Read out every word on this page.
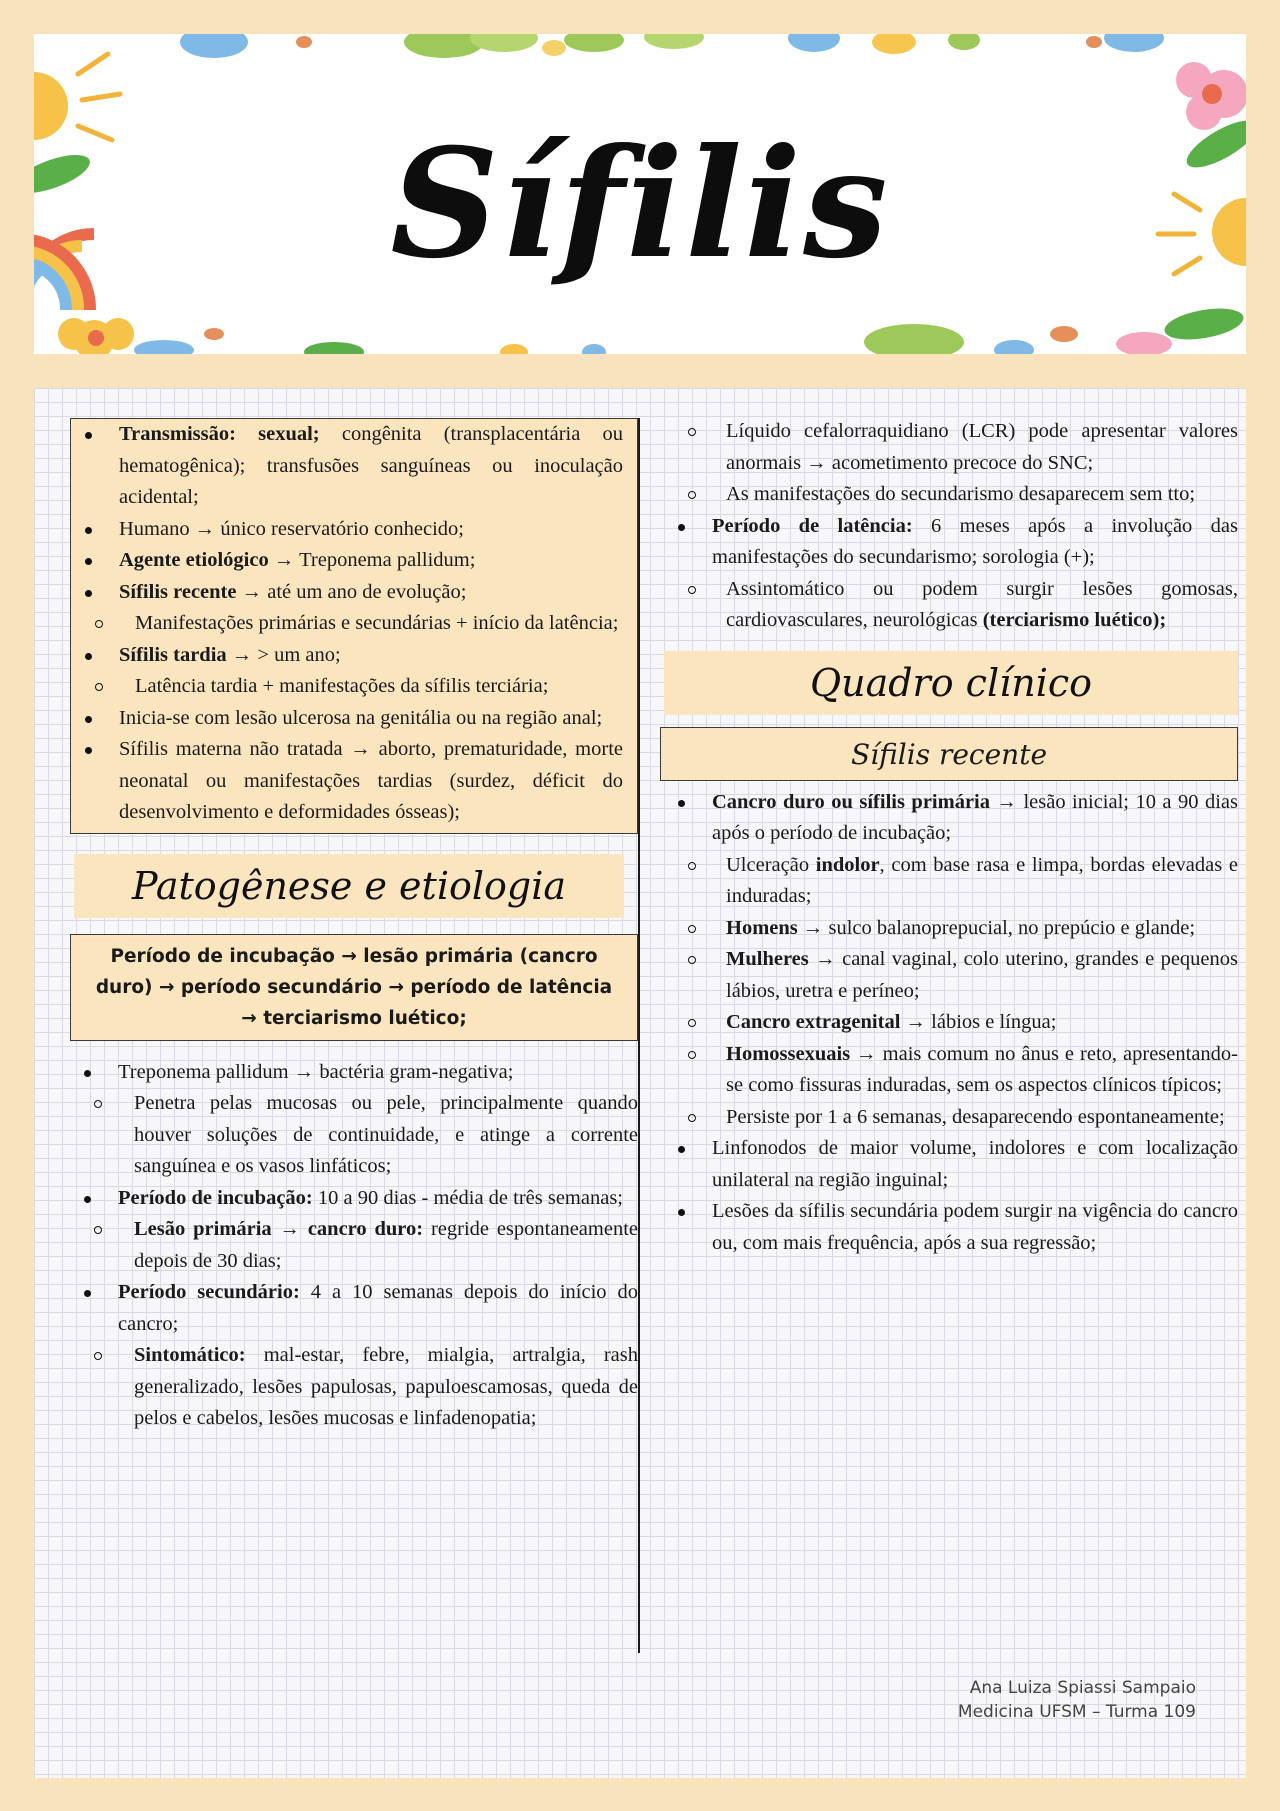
Sífilis
Transmissão: sexual; congênita (transplacentária ou hematogênica); transfusões sanguíneas ou inoculação acidental;
Humano → único reservatório conhecido;
Agente etiológico → Treponema pallidum;
Sífilis recente → até um ano de evolução;
Manifestações primárias e secundárias + início da latência;
Sífilis tardia → > um ano;
Latência tardia + manifestações da sífilis terciária;
Inicia-se com lesão ulcerosa na genitália ou na região anal;
Sífilis materna não tratada → aborto, prematuridade, morte neonatal ou manifestações tardias (surdez, déficit do desenvolvimento e deformidades ósseas);
Patogênese e etiologia
Período de incubação → lesão primária (cancro duro) → período secundário → período de latência → terciarismo luético;
Treponema pallidum → bactéria gram-negativa;
Penetra pelas mucosas ou pele, principalmente quando houver soluções de continuidade, e atinge a corrente sanguínea e os vasos linfáticos;
Período de incubação: 10 a 90 dias - média de três semanas;
Lesão primária → cancro duro: regride espontaneamente depois de 30 dias;
Período secundário: 4 a 10 semanas depois do início do cancro;
Sintomático: mal-estar, febre, mialgia, artralgia, rash generalizado, lesões papulosas, papuloescamosas, queda de pelos e cabelos, lesões mucosas e linfadenopatia;
Líquido cefalorraquidiano (LCR) pode apresentar valores anormais → acometimento precoce do SNC;
As manifestações do secundarismo desaparecem sem tto;
Período de latência: 6 meses após a involução das manifestações do secundarismo; sorologia (+);
Assintomático ou podem surgir lesões gomosas, cardiovasculares, neurológicas (terciarismo luético);
Quadro clínico
Sífilis recente
Cancro duro ou sífilis primária → lesão inicial; 10 a 90 dias após o período de incubação;
Ulceração indolor, com base rasa e limpa, bordas elevadas e induradas;
Homens → sulco balanoprepucial, no prepúcio e glande;
Mulheres → canal vaginal, colo uterino, grandes e pequenos lábios, uretra e períneo;
Cancro extragenital → lábios e língua;
Homossexuais → mais comum no ânus e reto, apresentando-se como fissuras induradas, sem os aspectos clínicos típicos;
Persiste por 1 a 6 semanas, desaparecendo espontaneamente;
Linfonodos de maior volume, indolores e com localização unilateral na região inguinal;
Lesões da sífilis secundária podem surgir na vigência do cancro ou, com mais frequência, após a sua regressão;
Ana Luiza Spiassi Sampaio
Medicina UFSM – Turma 109
